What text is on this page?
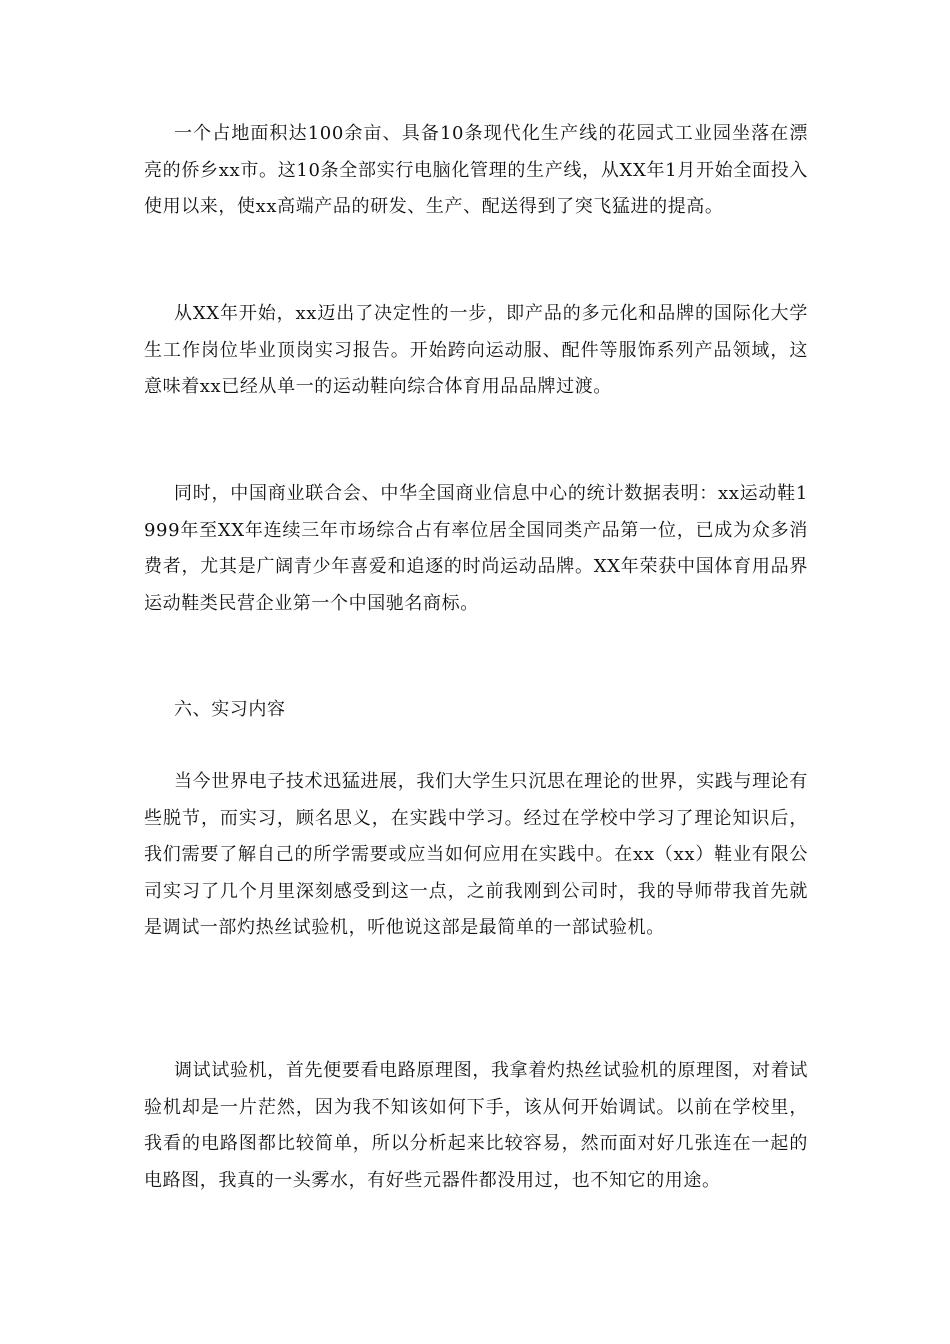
一个占地面积达100余亩、具备10条现代化生产线的花园式工业园坐落在漂亮的侨乡xx市。这10条全部实行电脑化管理的生产线，从XX年1月开始全面投入使用以来，使xx高端产品的研发、生产、配送得到了突飞猛进的提高。

从XX年开始，xx迈出了决定性的一步，即产品的多元化和品牌的国际化大学生工作岗位毕业顶岗实习报告。开始跨向运动服、配件等服饰系列产品领域，这意味着xx已经从单一的运动鞋向综合体育用品品牌过渡。

同时，中国商业联合会、中华全国商业信息中心的统计数据表明：xx运动鞋1999年至XX年连续三年市场综合占有率位居全国同类产品第一位，已成为众多消费者，尤其是广阔青少年喜爱和追逐的时尚运动品牌。XX年荣获中国体育用品界运动鞋类民营企业第一个中国驰名商标。

六、实习内容

当今世界电子技术迅猛进展，我们大学生只沉思在理论的世界，实践与理论有些脱节，而实习，顾名思义，在实践中学习。经过在学校中学习了理论知识后，我们需要了解自己的所学需要或应当如何应用在实践中。在xx（xx）鞋业有限公司实习了几个月里深刻感受到这一点，之前我刚到公司时，我的导师带我首先就是调试一部灼热丝试验机，听他说这部是最简单的一部试验机。

调试试验机，首先便要看电路原理图，我拿着灼热丝试验机的原理图，对着试验机却是一片茫然，因为我不知该如何下手，该从何开始调试。以前在学校里，我看的电路图都比较简单，所以分析起来比较容易，然而面对好几张连在一起的电路图，我真的一头雾水，有好些元器件都没用过，也不知它的用途。
